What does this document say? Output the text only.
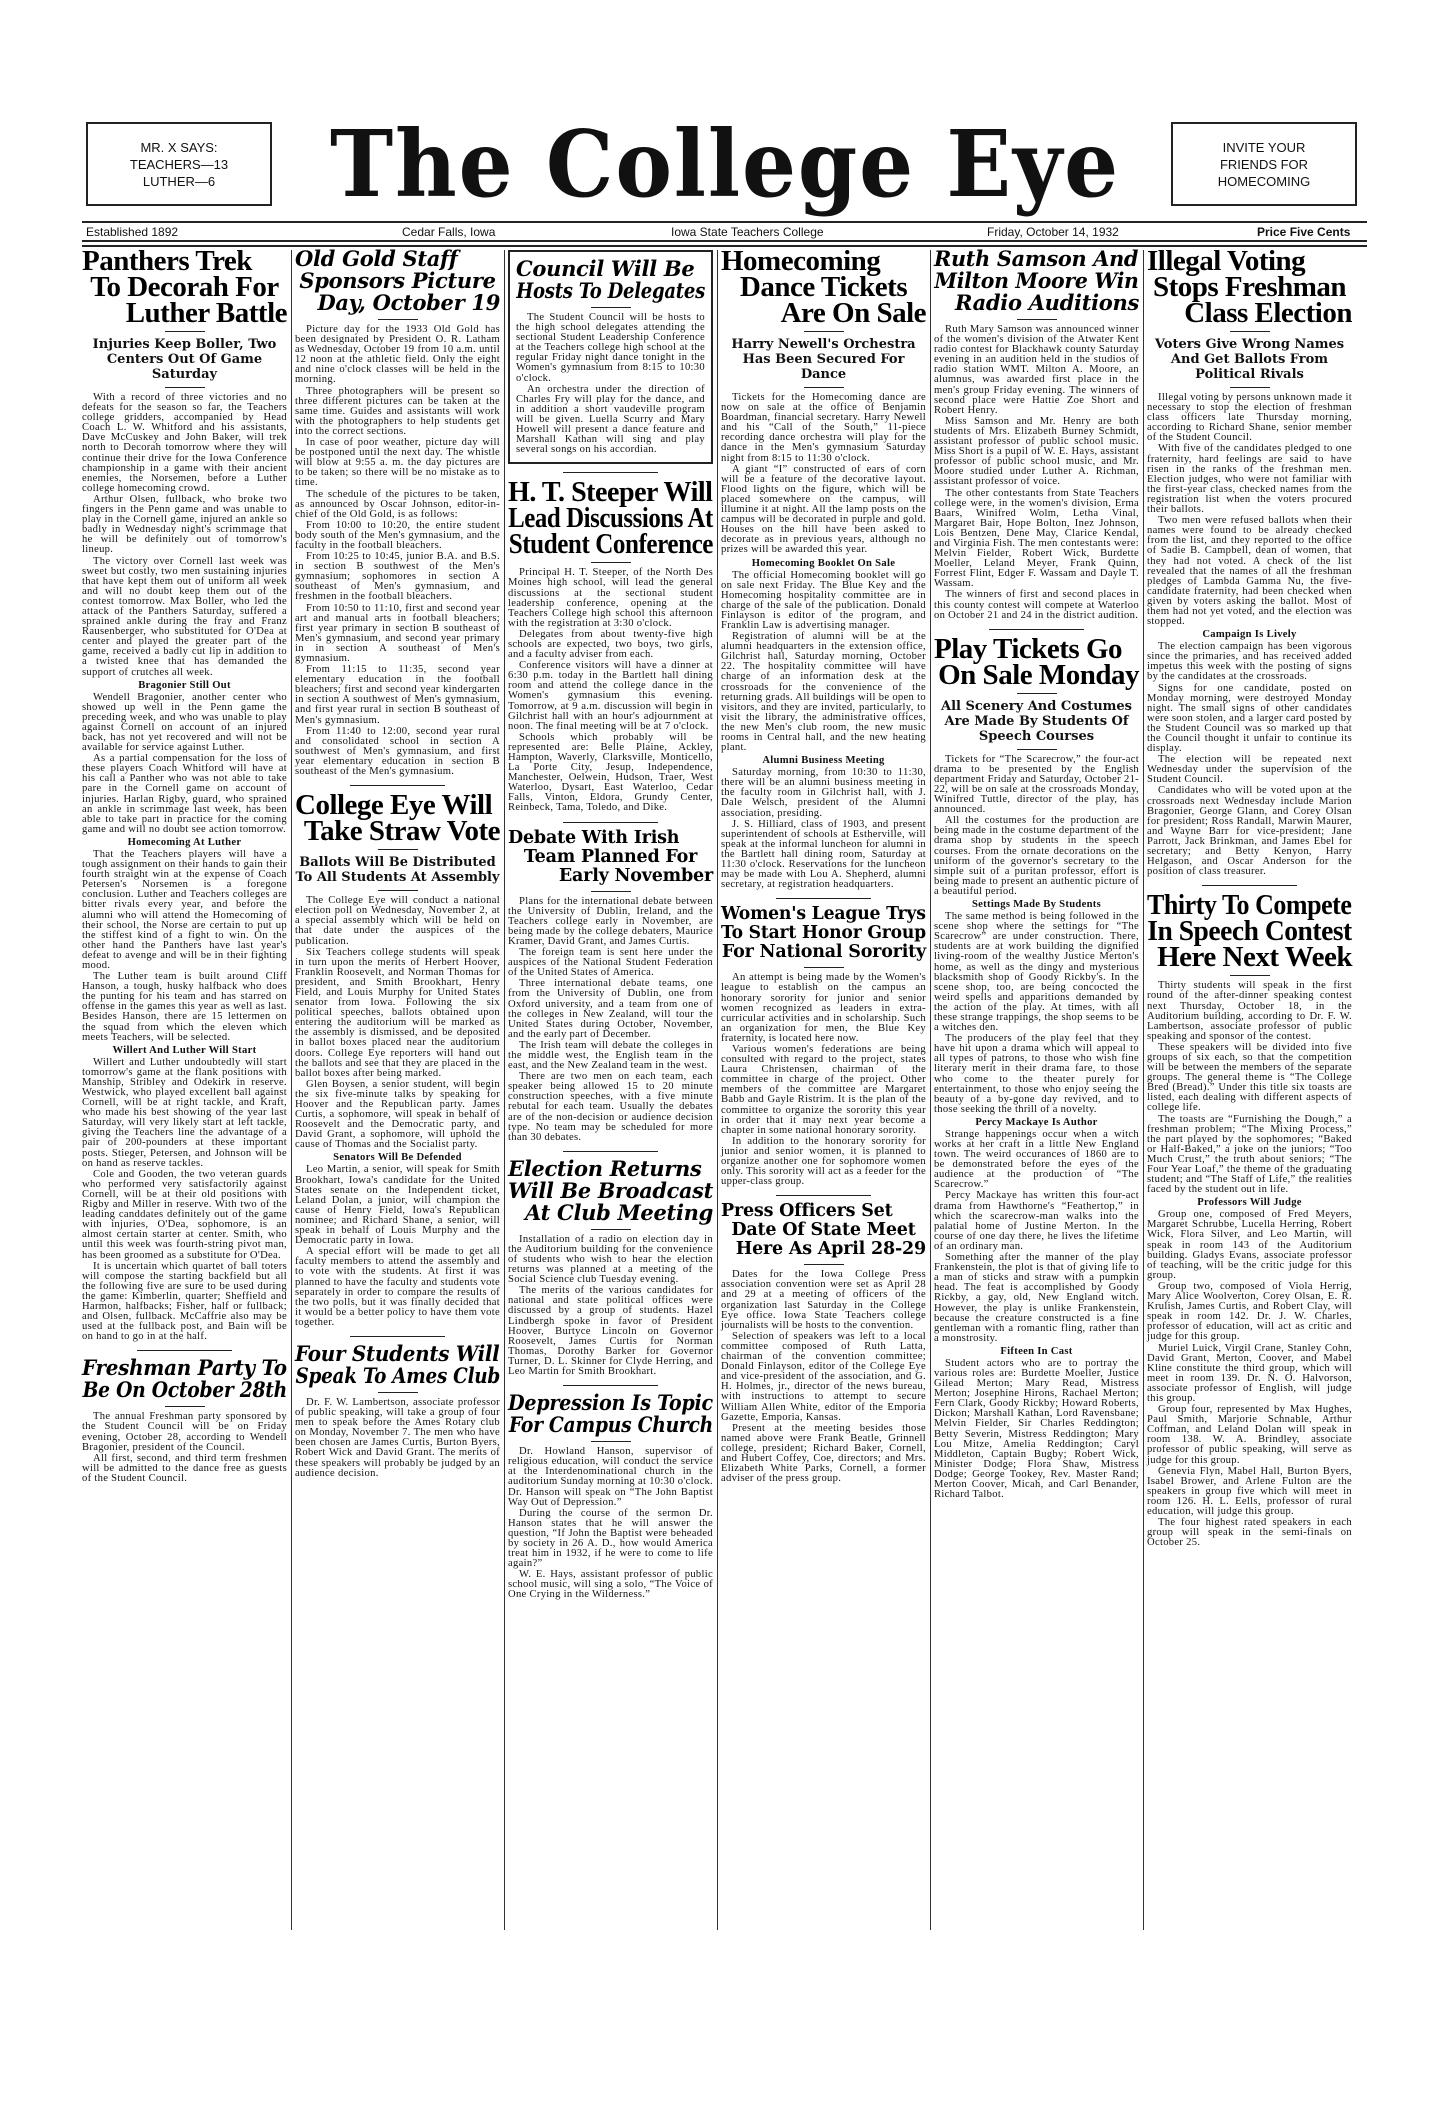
MR. X SAYS:
TEACHERS—13
LUTHER—6 The College Eye	INVITE YOUR
FRIENDS FOR
HOMECOMING
Established 1892	Cedar Falls, Iowa	Iowa State Teachers College	Friday, October 14, 1932	Price Five Cents
Panthers Trek
To Decorah For
Luther Battle
Injuries Keep Boller, Two Centers Out Of Game Saturday
With a record of three victories and no defeats for the season so far, the Teachers college gridders, accompanied by Head Coach L. W. Whitford and his assistants, Dave McCuskey and John Baker, will trek north to Decorah tomorrow where they will continue their drive for the Iowa Conference championship in a game with their ancient enemies, the Norsemen, before a Luther college homecoming crowd.
Arthur Olsen, fullback, who broke two fingers in the Penn game and was unable to play in the Cornell game, injured an ankle so badly in Wednesday night's scrimmage that he will be definitely out of tomorrow's lineup.
The victory over Cornell last week was sweet but costly, two men sustaining injuries that have kept them out of uniform all week and will no doubt keep them out of the contest tomorrow. Max Boller, who led the attack of the Panthers Saturday, suffered a sprained ankle during the fray and Franz Rausenberger, who substituted for O'Dea at center and played the greater part of the game, received a badly cut lip in addition to a twisted knee that has demanded the support of crutches all week.
Bragonier Still Out
Wendell Bragonier, another center who showed up well in the Penn game the preceding week, and who was unable to play against Cornell on account of an injured back, has not yet recovered and will not be available for service against Luther.
As a partial compensation for the loss of these players Coach Whitford will have at his call a Panther who was not able to take pare in the Cornell game on account of injuries. Harlan Rigby, guard, who sprained an ankle in scrimmage last week, has been able to take part in practice for the coming game and will no doubt see action tomorrow.
Homecoming At Luther
That the Teachers players will have a tough assignment on their hands to gain their fourth straight win at the expense of Coach Petersen's Norsemen is a foregone conclusion. Luther and Teachers colleges are bitter rivals every year, and before the alumni who will attend the Homecoming of their school, the Norse are certain to put up the stiffest kind of a fight to win. On the other hand the Panthers have last year's defeat to avenge and will be in their fighting mood.
The Luther team is built around Cliff Hanson, a tough, husky halfback who does the punting for his team and has starred on offense in the games this year as well as last. Besides Hanson, there are 15 lettermen on the squad from which the eleven which meets Teachers, will be selected.
Willert And Luther Will Start
Willert and Luther undoubtedly will start tomorrow's game at the flank positions with Manship, Stribley and Odekirk in reserve. Westwick, who played excellent ball against Cornell, will be at right tackle, and Kraft, who made his best showing of the year last Saturday, will very likely start at left tackle, giving the Teachers line the advantage of a pair of 200-pounders at these important posts. Stieger, Petersen, and Johnson will be on hand as reserve tackles.
Cole and Gooden, the two veteran guards who performed very satisfactorily against Cornell, will be at their old positions with Rigby and Miller in reserve. With two of the leading canddates definitely out of the game with injuries, O'Dea, sophomore, is an almost certain starter at center. Smith, who until this week was fourth-string pivot man, has been groomed as a substitute for O'Dea.
It is uncertain which quartet of ball toters will compose the starting backfield but all the following five are sure to be used during the game: Kimberlin, quarter; Sheffield and Harmon, halfbacks; Fisher, half or fullback; and Olsen, fullback. McCaffrie also may be used at the fullback post, and Bain will be on hand to go in at the half.
Freshman Party To
Be On October 28th
The annual Freshman party sponsored by the Student Council will be on Friday evening, October 28, according to Wendell Bragonier, president of the Council.
All first, second, and third term freshmen will be admitted to the dance free as guests of the Student Council.
Old Gold Staff
Sponsors Picture
Day, October 19
Picture day for the 1933 Old Gold has been designated by President O. R. Latham as Wednesday, October 19 from 10 a.m. until 12 noon at the athletic field. Only the eight and nine o'clock classes will be held in the morning.
Three photographers will be present so three different pictures can be taken at the same time. Guides and assistants will work with the photographers to help students get into the correct sections.
In case of poor weather, picture day will be postponed until the next day. The whistle will blow at 9:55 a. m. the day pictures are to be taken; so there will be no mistake as to time.
The schedule of the pictures to be taken, as announced by Oscar Johnson, editor-in-chief of the Old Gold, is as follows:
From 10:00 to 10:20, the entire student body south of the Men's gymnasium, and the faculty in the football bleachers.
From 10:25 to 10:45, junior B.A. and B.S. in section B southwest of the Men's gymnasium; sophomores in section A southeast of Men's gymnasium, and freshmen in the football bleachers.
From 10:50 to 11:10, first and second year art and manual arts in football bleachers; first year primary in section B southeast of Men's gymnasium, and second year primary in in section A southeast of Men's gymnasium.
From 11:15 to 11:35, second year elementary education in the football bleachers; first and second year kindergarten in section A southwest of Men's gymnasium, and first year rural in section B southeast of Men's gymnasium.
From 11:40 to 12:00, second year rural and consolidated school in section A southwest of Men's gymnasium, and first year elementary education in section B southeast of the Men's gymnasium.
College Eye Will
Take Straw Vote
Ballots Will Be Distributed To All Students At Assembly
The College Eye will conduct a national election poll on Wednesday, November 2, at a special assembly which will be held on that date under the auspices of the publication.
Six Teachers college students will speak in turn upon the merits of Herbert Hoover, Franklin Roosevelt, and Norman Thomas for president, and Smith Brookhart, Henry Field, and Louis Murphy for United States senator from Iowa. Following the six political speeches, ballots obtained upon entering the auditorium will be marked as the assembly is dismissed, and be deposited in ballot boxes placed near the auditorium doors. College Eye reporters will hand out the ballots and see that they are placed in the ballot boxes after being marked.
Glen Boysen, a senior student, will begin the six five-minute talks by speaking for Hoover and the Republican party. James Curtis, a sophomore, will speak in behalf of Roosevelt and the Democratic party, and David Grant, a sophomore, will uphold the cause of Thomas and the Socialist party.
Senators Will Be Defended
Leo Martin, a senior, will speak for Smith Brookhart, Iowa's candidate for the United States senate on the Independent ticket, Leland Dolan, a junior, will champion the cause of Henry Field, Iowa's Republican nominee; and Richard Shane, a senior, will speak in behalf of Louis Murphy and the Democratic party in Iowa.
A special effort will be made to get all faculty members to attend the assembly and to vote with the students. At first it was planned to have the faculty and students vote separately in order to compare the results of the two polls, but it was finally decided that it would be a better policy to have them vote together.
Four Students Will
Speak To Ames Club
Dr. F. W. Lambertson, associate professor of public speaking, will take a group of four men to speak before the Ames Rotary club on Monday, November 7. The men who have been chosen are James Curtis, Burton Byers, Robert Wick and David Grant. The merits of these speakers will probably be judged by an audience decision.
Council Will Be
Hosts To Delegates
The Student Council will be hosts to the high school delegates attending the sectional Student Leadership Conference at the Teachers college high school at the regular Friday night dance tonight in the Women's gymnasium from 8:15 to 10:30 o'clock.
An orchestra under the direction of Charles Fry will play for the dance, and in addition a short vaudeville program will be given. Luella Scurry and Mary Howell will present a dance feature and Marshall Kathan will sing and play several songs on his accordian.
H. T. Steeper Will
Lead Discussions At
Student Conference
Principal H. T. Steeper, of the North Des Moines high school, will lead the general discussions at the sectional student leadership conference, opening at the Teachers College high school this afternoon with the registration at 3:30 o'clock.
Delegates from about twenty-five high schools are expected, two boys, two girls, and a faculty adviser from each.
Conference visitors will have a dinner at 6:30 p.m. today in the Bartlett hall dining room and attend the college dance in the Women's gymnasium this evening. Tomorrow, at 9 a.m. discussion will begin in Gilchrist hall with an hour's adjournment at noon. The final meeting will be at 7 o'clock.
Schools which probably will be represented are: Belle Plaine, Ackley, Hampton, Waverly, Clarksville, Monticello, La Porte City, Jesup, Independence, Manchester, Oelwein, Hudson, Traer, West Waterloo, Dysart, East Waterloo, Cedar Falls, Vinton, Eldora, Grundy Center, Reinbeck, Tama, Toledo, and Dike.
Debate With Irish
Team Planned For
Early November
Plans for the international debate between the University of Dublin, Ireland, and the Teachers college early in November, are being made by the college debaters, Maurice Kramer, David Grant, and James Curtis.
The foreign team is sent here under the auspices of the National Student Federation of the United States of America.
Three international debate teams, one from the University of Dublin, one from Oxford university, and a team from one of the colleges in New Zealand, will tour the United States during October, November, and the early part of December.
The Irish team will debate the colleges in the middle west, the English team in the east, and the New Zealand team in the west.
There are two men on each team, each speaker being allowed 15 to 20 minute construction speeches, with a five minute rebutal for each team. Usually the debates are of the non-decision or audience decision type. No team may be scheduled for more than 30 debates.
Election Returns
Will Be Broadcast
At Club Meeting
Installation of a radio on election day in the Auditorium building for the convenience of students who wish to hear the election returns was planned at a meeting of the Social Science club Tuesday evening.
The merits of the various candidates for national and state political offices were discussed by a group of students. Hazel Lindbergh spoke in favor of President Hoover, Burtyce Lincoln on Governor Roosevelt, James Curtis for Norman Thomas, Dorothy Barker for Governor Turner, D. L. Skinner for Clyde Herring, and Leo Martin for Smith Brookhart.
Depression Is Topic
For Campus Church
Dr. Howland Hanson, supervisor of religious education, will conduct the service at the Interdenominational church in the auditorium Sunday morning at 10:30 o'clock. Dr. Hanson will speak on “The John Baptist Way Out of Depression.”
During the course of the sermon Dr. Hanson states that he will answer the question, “If John the Baptist were beheaded by society in 26 A. D., how would America treat him in 1932, if he were to come to life again?”
W. E. Hays, assistant professor of public school music, will sing a solo, “The Voice of One Crying in the Wilderness.”
Homecoming
Dance Tickets
Are On Sale
Harry Newell's Orchestra Has Been Secured For Dance
Tickets for the Homecoming dance are now on sale at the office of Benjamin Boardman, financial secretary. Harry Newell and his “Call of the South,” 11-piece recording dance orchestra will play for the dance in the Men's gymnasium Saturday night from 8:15 to 11:30 o'clock.
A giant “I” constructed of ears of corn will be a feature of the decorative layout. Flood lights on the figure, which will be placed somewhere on the campus, will illumine it at night. All the lamp posts on the campus will be decorated in purple and gold. Houses on the hill have been asked to decorate as in previous years, although no prizes will be awarded this year.
Homecoming Booklet On Sale
The official Homecoming booklet will go on sale next Friday. The Blue Key and the Homecoming hospitality committee are in charge of the sale of the publication. Donald Finlayson is editor of the program, and Franklin Law is advertising manager.
Registration of alumni will be at the alumni headquarters in the extension office, Gilchrist hall, Saturday morning, October 22. The hospitality committee will have charge of an information desk at the crossroads for the convenience of the returning grads. All buildings will be open to visitors, and they are invited, particularly, to visit the library, the administrative offices, the new Men's club room, the new music rooms in Central hall, and the new heating plant.
Alumni Business Meeting
Saturday morning, from 10:30 to 11:30, there will be an alumni business meeting in the faculty room in Gilchrist hall, with J. Dale Welsch, president of the Alumni association, presiding.
J. S. Hilliard, class of 1903, and present superintendent of schools at Estherville, will speak at the informal luncheon for alumni in the Bartlett hall dining room, Saturday at 11:30 o'clock. Reservations for the luncheon may be made with Lou A. Shepherd, alumni secretary, at registration headquarters.
Women's League Trys
To Start Honor Group
For National Sorority
An attempt is being made by the Women's league to establish on the campus an honorary sorority for junior and senior women recognized as leaders in extra-curricular activities and in scholarship. Such an organization for men, the Blue Key fraternity, is located here now.
Various women's federations are being consulted with regard to the project, states Laura Christensen, chairman of the committee in charge of the project. Other members of the committee are Margaret Babb and Gayle Ristrim. It is the plan of the committee to organize the sorority this year in order that it may next year become a chapter in some national honorary sorority.
In addition to the honorary sorority for junior and senior women, it is planned to organize another one for sophomore women only. This sorority will act as a feeder for the upper-class group.
Press Officers Set
Date Of State Meet
Here As April 28-29
Dates for the Iowa College Press association convention were set as April 28 and 29 at a meeting of officers of the organization last Saturday in the College Eye office. Iowa State Teachers college journalists will be hosts to the convention.
Selection of speakers was left to a local committee composed of Ruth Latta, chairman of the convention committee; Donald Finlayson, editor of the College Eye and vice-president of the association, and G. H. Holmes, jr., director of the news bureau, with instructions to attempt to secure William Allen White, editor of the Emporia Gazette, Emporia, Kansas.
Present at the meeting besides those named above were Frank Beatle, Grinnell college, president; Richard Baker, Cornell, and Hubert Coffey, Coe, directors; and Mrs. Elizabeth White Parks, Cornell, a former adviser of the press group.
Ruth Samson And
Milton Moore Win
Radio Auditions
Ruth Mary Samson was announced winner of the women's division of the Atwater Kent radio contest for Blackhawk county Saturday evening in an audition held in the studios of radio station WMT. Milton A. Moore, an alumnus, was awarded first place in the men's group Friday evening. The winners of second place were Hattie Zoe Short and Robert Henry.
Miss Samson and Mr. Henry are both students of Mrs. Elizabeth Burney Schmidt, assistant professor of public school music. Miss Short is a pupil of W. E. Hays, assistant professor of public school music, and Mr. Moore studied under Luther A. Richman, assistant professor of voice.
The other contestants from State Teachers college were, in the women's division, Erma Baars, Winifred Wolm, Letha Vinal, Margaret Bair, Hope Bolton, Inez Johnson, Lois Bentzen, Dene May, Clarice Kendal, and Virginia Fish. The men contestants were: Melvin Fielder, Robert Wick, Burdette Moeller, Leland Meyer, Frank Quinn, Forrest Flint, Edger F. Wassam and Dayle T. Wassam.
The winners of first and second places in this county contest will compete at Waterloo on October 21 and 24 in the district audition.
Play Tickets Go
On Sale Monday
All Scenery And Costumes Are Made By Students Of Speech Courses
Tickets for “The Scarecrow,” the four-act drama to be presented by the English department Friday and Saturday, October 21-22, will be on sale at the crossroads Monday, Winifred Tuttle, director of the play, has announced.
All the costumes for the production are being made in the costume department of the drama shop by students in the speech courses. From the ornate decorations on the uniform of the governor's secretary to the simple suit of a puritan professor, effort is being made to present an authentic picture of a beautiful period.
Settings Made By Students
The same method is being followed in the scene shop where the settings for “The Scarecrow” are under construction. There, students are at work building the dignified living-room of the wealthy Justice Merton's home, as well as the dingy and mysterious blacksmith shop of Goody Rickby's. In the scene shop, too, are being concocted the weird spells and apparitions demanded by the action of the play. At times, with all these strange trappings, the shop seems to be a witches den.
The producers of the play feel that they have hit upon a drama which will appeal to all types of patrons, to those who wish fine literary merit in their drama fare, to those who come to the theater purely for entertainment, to those who enjoy seeing the beauty of a by-gone day revived, and to those seeking the thrill of a novelty.
Percy Mackaye Is Author
Strange happenings occur when a witch works at her craft in a little New England town. The weird occurances of 1860 are to be demonstrated before the eyes of the audience at the production of “The Scarecrow.”
Percy Mackaye has written this four-act drama from Hawthorne's “Feathertop,” in which the scarecrow-man walks into the palatial home of Justine Merton. In the course of one day there, he lives the lifetime of an ordinary man.
Something after the manner of the play Frankenstein, the plot is that of giving life to a man of sticks and straw with a pumpkin head. The feat is accomplished by Goody Rickby, a gay, old, New England witch. However, the play is unlike Frankenstein, because the creature constructed is a fine gentleman with a romantic fling, rather than a monstrosity.
Fifteen In Cast
Student actors who are to portray the various roles are: Burdette Moeller, Justice Gilead Merton; Mary Read, Mistress Merton; Josephine Hirons, Rachael Merton; Fern Clark, Goody Rickby; Howard Roberts, Dickon; Marshall Kathan, Lord Ravensbane; Melvin Fielder, Sir Charles Reddington; Betty Severin, Mistress Reddington; Mary Lou Mitze, Amelia Reddington; Caryl Middleton, Captain Bugby; Robert Wick, Minister Dodge; Flora Shaw, Mistress Dodge; George Tookey, Rev. Master Rand; Merton Coover, Micah, and Carl Benander, Richard Talbot.
Illegal Voting
Stops Freshman
Class Election
Voters Give Wrong Names And Get Ballots From Political Rivals
Illegal voting by persons unknown made it necessary to stop the election of freshman class officers late Thursday morning, according to Richard Shane, senior member of the Student Council.
With five of the candidates pledged to one fraternity, hard feelings are said to have risen in the ranks of the freshman men. Election judges, who were not familiar with the first-year class, checked names from the registration list when the voters procured their ballots.
Two men were refused ballots when their names were found to be already checked from the list, and they reported to the office of Sadie B. Campbell, dean of women, that they had not voted. A check of the list revealed that the names of all the freshman pledges of Lambda Gamma Nu, the five-candidate fraternity, had been checked when given by voters asking the ballot. Most of them had not yet voted, and the election was stopped.
Campaign Is Lively
The election campaign has been vigorous since the primaries, and has received added impetus this week with the posting of signs by the candidates at the crossroads.
Signs for one candidate, posted on Monday morning, were destroyed Monday night. The small signs of other candidates were soon stolen, and a larger card posted by the Student Council was so marked up that the Council thought it unfair to continue its display.
The election will be repeated next Wednesday under the supervision of the Student Council.
Candidates who will be voted upon at the crossroads next Wednesday include Marion Bragonier, George Glann, and Corey Olsan for president; Ross Randall, Marwin Maurer, and Wayne Barr for vice-president; Jane Parrott, Jack Brinkman, and James Ebel for secretary; and Betty Kenyon, Harry Helgason, and Oscar Anderson for the position of class treasurer.
Thirty To Compete
In Speech Contest
Here Next Week
Thirty students will speak in the first round of the after-dinner speaking contest next Thursday, October 18, in the Auditorium building, according to Dr. F. W. Lambertson, associate professor of public speaking and sponsor of the contest.
These speakers will be divided into five groups of six each, so that the competition will be between the members of the separate groups. The general theme is “The College Bred (Bread).” Under this title six toasts are listed, each dealing with different aspects of college life.
The toasts are “Furnishing the Dough,” a freshman problem; “The Mixing Process,” the part played by the sophomores; “Baked or Half-Baked,” a joke on the juniors; “Too Much Crust,” the truth about seniors; “The Four Year Loaf,” the theme of the graduating student; and “The Staff of Life,” the realities faced by the student out in life.
Professors Will Judge
Group one, composed of Fred Meyers, Margaret Schrubbe, Lucella Herring, Robert Wick, Flora Silver, and Leo Martin, will speak in room 143 of the Auditorium building. Gladys Evans, associate professor of teaching, will be the critic judge for this group.
Group two, composed of Viola Herrig, Mary Alice Woolverton, Corey Olsan, E. R. Krulish, James Curtis, and Robert Clay, will speak in room 142. Dr. J. W. Charles, professor of education, will act as critic and judge for this group.
Muriel Luick, Virgil Crane, Stanley Cohn, David Grant, Merton, Coover, and Mabel Kline constitute the third group, which will meet in room 139. Dr. N. O. Halvorson, associate professor of English, will judge this group.
Group four, represented by Max Hughes, Paul Smith, Marjorie Schnable, Arthur Coffman, and Leland Dolan will speak in room 138. W. A. Brindley, associate professor of public speaking, will serve as judge for this group.
Genevia Flyn, Mabel Hall, Burton Byers, Isabel Brower, and Arlene Fulton are the speakers in group five which will meet in room 126. H. L. Eells, professor of rural education, will judge this group.
The four highest rated speakers in each group will speak in the semi-finals on October 25.
